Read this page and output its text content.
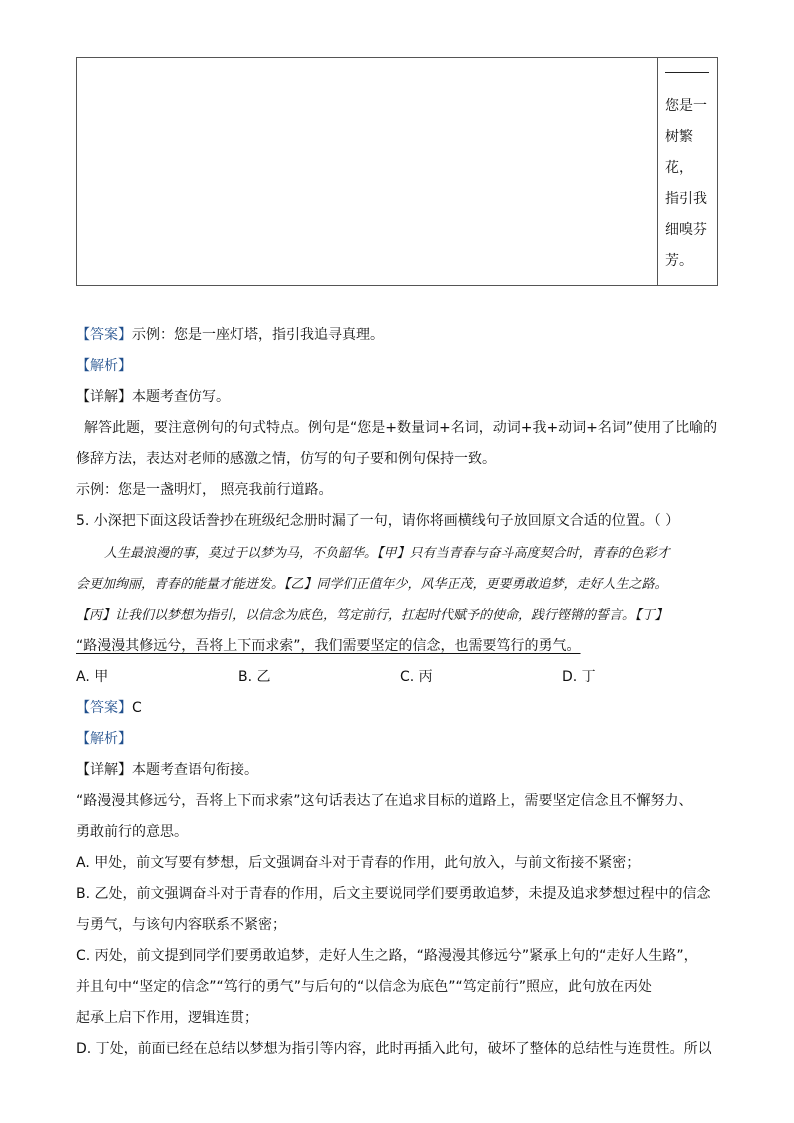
您是一
树繁
花，
指引我
细嗅芬
芳。
【答案】示例：您是一座灯塔，指引我追寻真理。
【解析】
【详解】本题考查仿写。
解答此题，要注意例句的句式特点。例句是“您是+数量词+名词，动词+我+动词+名词”使用了比喻的
修辞方法，表达对老师的感激之情，仿写的句子要和例句保持一致。
示例：您是一盏明灯， 照亮我前行道路。
5. 小深把下面这段话誊抄在班级纪念册时漏了一句，请你将画横线句子放回原文合适的位置。（ ）
人生最浪漫的事，莫过于以梦为马，不负韶华。【甲】只有当青春与奋斗高度契合时，青春的色彩才
会更加绚丽，青春的能量才能迸发。【乙】同学们正值年少，风华正茂，更要勇敢追梦，走好人生之路。
【丙】让我们以梦想为指引，以信念为底色，笃定前行，扛起时代赋予的使命，践行铿锵的誓言。【丁】
“路漫漫其修远兮，吾将上下而求索”，我们需要坚定的信念，也需要笃行的勇气。
A. 甲	B. 乙	C. 丙	D. 丁
【答案】C
【解析】
【详解】本题考查语句衔接。
“路漫漫其修远兮，吾将上下而求索”这句话表达了在追求目标的道路上，需要坚定信念且不懈努力、
勇敢前行的意思。
A. 甲处，前文写要有梦想，后文强调奋斗对于青春的作用，此句放入，与前文衔接不紧密；
B. 乙处，前文强调奋斗对于青春的作用，后文主要说同学们要勇敢追梦，未提及追求梦想过程中的信念
与勇气，与该句内容联系不紧密；
C. 丙处，前文提到同学们要勇敢追梦，走好人生之路，“路漫漫其修远兮”紧承上句的“走好人生路”，
并且句中“坚定的信念”“笃行的勇气”与后句的“以信念为底色”“笃定前行”照应，此句放在丙处
起承上启下作用，逻辑连贯；
D. 丁处，前面已经在总结以梦想为指引等内容，此时再插入此句，破坏了整体的总结性与连贯性。所以
